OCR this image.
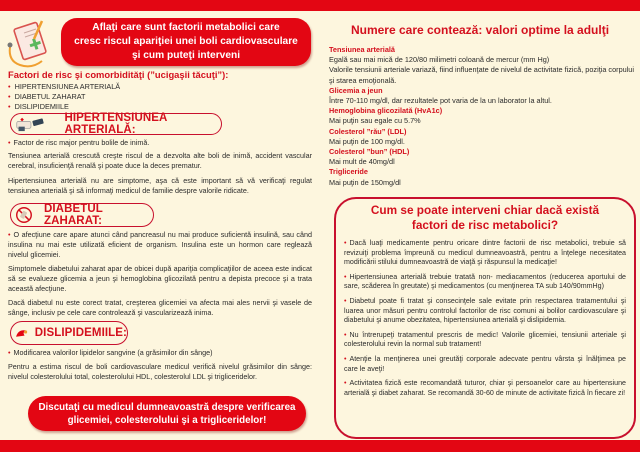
Aflaţi care sunt factorii metabolici care
cresc riscul apariţiei unei boli cardiovasculare
şi cum puteţi interveni
Factori de risc şi comorbidităţi (”ucigaşii tăcuţi”):
• HIPERTENSIUNEA ARTERIALĂ
• DIABETUL ZAHARAT
• DISLIPIDEMIILE
HIPERTENSIUNEA ARTERIALĂ:
• Factor de risc major pentru bolile de inimă.
Tensiunea arterială crescută creşte riscul de a dezvolta alte boli de inimă, accident vascular cerebral, insuficienţă renală şi poate duce la deces prematur.
Hipertensiunea arterială nu are simptome, aşa că este important să vă verificaţi regulat tensiunea arterială şi să informaţi medicul de familie despre valorile ridicate.
DIABETUL ZAHARAT:
• O afecţiune care apare atunci când pancreasul nu mai produce suficientă insulină, sau când insulina nu mai este utilizată eficient de organism. Insulina este un hormon care reglează nivelul glicemiei.
Simptomele diabetului zaharat apar de obicei după apariţia complicaţiilor de aceea este indicat să se evalueze glicemia a jeun şi hemoglobina glicozilată pentru a depista precoce şi a trata această afecţiune.
Dacă diabetul nu este corect tratat, creşterea glicemiei va afecta mai ales nervii şi vasele de sânge, inclusiv pe cele care controlează şi vascularizează inima.
DISLIPIDEMIILE:
• Modificarea valorilor lipidelor sangvine (a grăsimilor din sânge)
Pentru a estima riscul de boli cardiovasculare medicul verifică nivelul grăsimilor din sânge: nivelul colesterolului total, colesterolului HDL, colesterolul LDL şi trigliceridelor.
Discutaţi cu medicul dumneavoastră despre verificarea
glicemiei, colesterolului şi a trigliceridelor!
Numere care contează: valori optime la adulţi
Tensiunea arterială
Egală sau mai mică de 120/80 milimetri coloană de mercur (mm Hg)
Valorile tensiunii arteriale variază, fiind influenţate de nivelul de activitate fizică, poziţia corpului şi starea emoţională.
Glicemia a jeun
Între 70-110 mg/dl, dar rezultatele pot varia de la un laborator la altul.
Hemoglobina glicozilată (HvA1c)
Mai puţin sau egale cu 5.7%
Colesterol ”rău” (LDL)
Mai puţin de 100 mg/dl.
Colesterol ”bun” (HDL)
Mai mult de 40mg/dl
Trigliceride
Mai puţin de 150mg/dl
Cum se poate interveni chiar dacă există
factori de risc metabolici?

• Dacă luaţi medicamente pentru oricare dintre factorii de risc metabolici, trebuie să revizuiţi problema împreună cu medicul dumneavoastră, pentru a înţelege necesitatea modificării stilului dumneavoastră de viaţă şi răspunsul la medicaţie!

• Hipertensiunea arterială trebuie tratată non- mediacamentos (reducerea aportului de sare, scăderea în greutate) şi medicamentos (cu menţinerea TA sub 140/90mmHg)

• Diabetul poate fi tratat şi consecinţele sale evitate prin respectarea tratamentului şi luarea unor măsuri pentru controlul factorilor de risc comuni ai bolilor cardiovasculare şi diabetului şi anume obezitatea, hipertensiunea arterială şi dislipidemia.

• Nu întrerupeţi tratamentul prescris de medic! Valorile glicemiei, tensiunii arteriale şi colesterolului revin la normal sub tratament!

• Atenţie la menţinerea unei greutăţi corporale adecvate pentru vârsta şi înălţimea pe care le aveţi!

• Activitatea fizică este recomandată tuturor, chiar şi persoanelor care au hipertensiune arterială şi diabet zaharat. Se recomandă 30-60 de minute de activitate fizică în fiecare zi!
